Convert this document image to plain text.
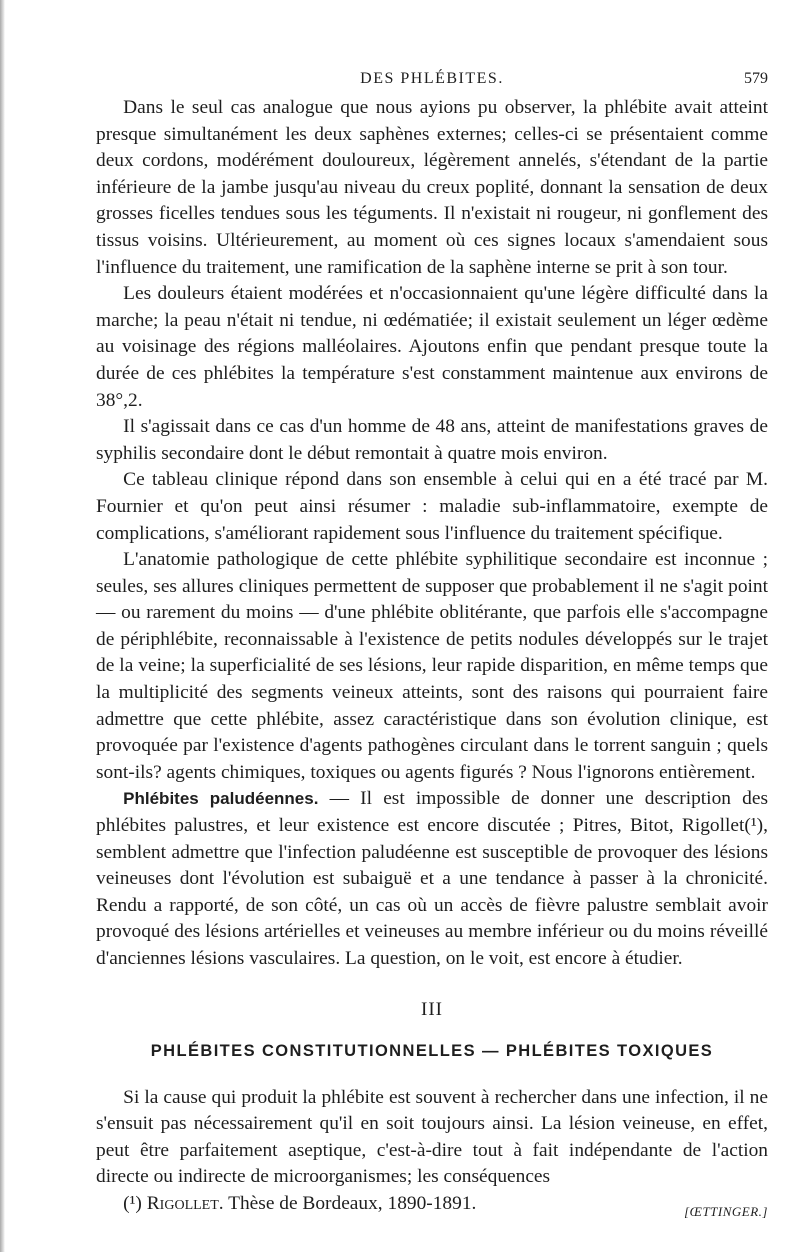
DES PHLÉBITES.	579

Dans le seul cas analogue que nous ayions pu observer, la phlébite avait atteint presque simultanément les deux saphènes externes; celles-ci se présentaient comme deux cordons, modérément douloureux, légèrement annelés, s'étendant de la partie inférieure de la jambe jusqu'au niveau du creux poplité, donnant la sensation de deux grosses ficelles tendues sous les téguments. Il n'existait ni rougeur, ni gonflement des tissus voisins. Ultérieurement, au moment où ces signes locaux s'amendaient sous l'influence du traitement, une ramification de la saphène interne se prit à son tour.

Les douleurs étaient modérées et n'occasionnaient qu'une légère difficulté dans la marche; la peau n'était ni tendue, ni œdématiée; il existait seulement un léger œdème au voisinage des régions malléolaires. Ajoutons enfin que pendant presque toute la durée de ces phlébites la température s'est constamment maintenue aux environs de 38°,2.

Il s'agissait dans ce cas d'un homme de 48 ans, atteint de manifestations graves de syphilis secondaire dont le début remontait à quatre mois environ.

Ce tableau clinique répond dans son ensemble à celui qui en a été tracé par M. Fournier et qu'on peut ainsi résumer : maladie sub-inflammatoire, exempte de complications, s'améliorant rapidement sous l'influence du traitement spécifique.

L'anatomie pathologique de cette phlébite syphilitique secondaire est inconnue ; seules, ses allures cliniques permettent de supposer que probablement il ne s'agit point — ou rarement du moins — d'une phlébite oblitérante, que parfois elle s'accompagne de périphlébite, reconnaissable à l'existence de petits nodules développés sur le trajet de la veine; la superficialité de ses lésions, leur rapide disparition, en même temps que la multiplicité des segments veineux atteints, sont des raisons qui pourraient faire admettre que cette phlébite, assez caractéristique dans son évolution clinique, est provoquée par l'existence d'agents pathogènes circulant dans le torrent sanguin ; quels sont-ils? agents chimiques, toxiques ou agents figurés ? Nous l'ignorons entièrement.

Phlébites paludéennes. — Il est impossible de donner une description des phlébites palustres, et leur existence est encore discutée ; Pitres, Bitot, Rigollet(¹), semblent admettre que l'infection paludéenne est susceptible de provoquer des lésions veineuses dont l'évolution est subaiguë et a une tendance à passer à la chronicité. Rendu a rapporté, de son côté, un cas où un accès de fièvre palustre semblait avoir provoqué des lésions artérielles et veineuses au membre inférieur ou du moins réveillé d'anciennes lésions vasculaires. La question, on le voit, est encore à étudier.

III
PHLÉBITES CONSTITUTIONNELLES — PHLÉBITES TOXIQUES

Si la cause qui produit la phlébite est souvent à rechercher dans une infection, il ne s'ensuit pas nécessairement qu'il en soit toujours ainsi. La lésion veineuse, en effet, peut être parfaitement aseptique, c'est-à-dire tout à fait indépendante de l'action directe ou indirecte de microorganismes; les conséquences

(¹) Rigollet. Thèse de Bordeaux, 1890-1891.	[ŒTTINGER.]
